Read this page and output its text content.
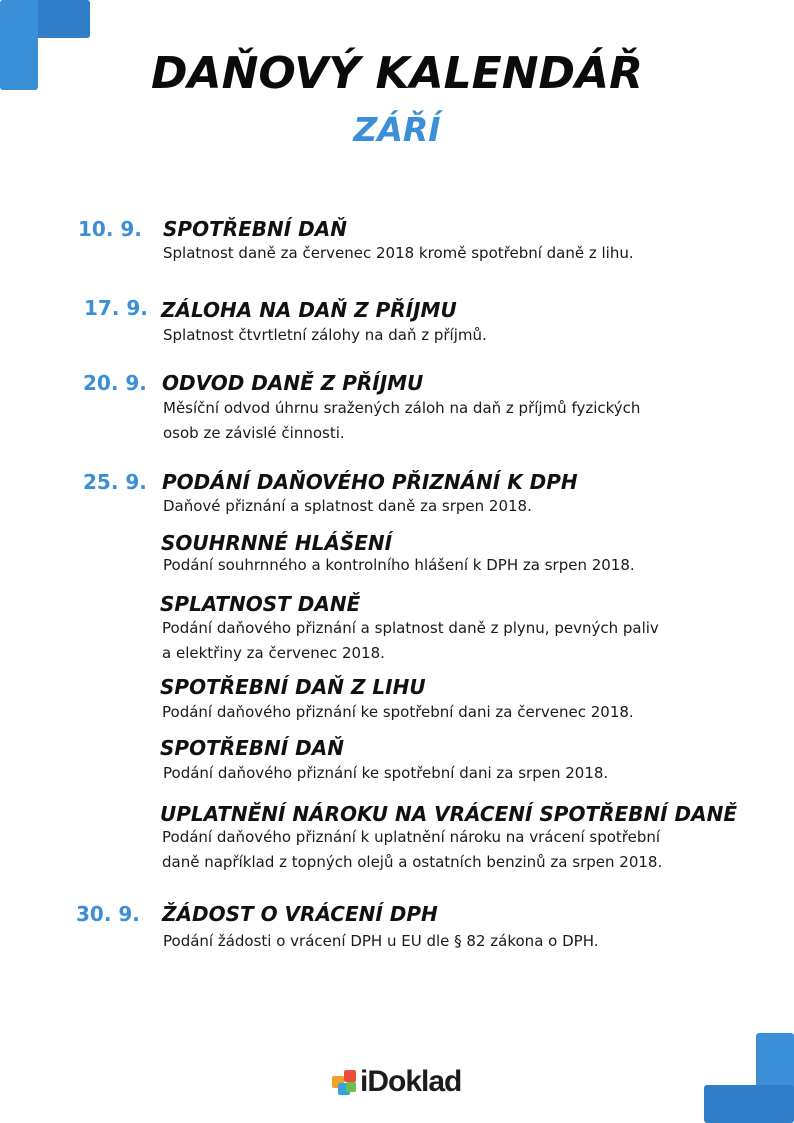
DAŇOVÝ KALENDÁŘ
ZÁŘÍ
10. 9. SPOTŘEBNÍ DAŇ
Splatnost daně za červenec 2018 kromě spotřební daně z lihu.
17. 9. ZÁLOHA NA DAŇ Z PŘÍJMU
Splatnost čtvrtletní zálohy na daň z příjmů.
20. 9. ODVOD DANĚ Z PŘÍJMU
Měsíční odvod úhrnu sražených záloh na daň z příjmů fyzických
osob ze závislé činnosti.
25. 9. PODÁNÍ DAŇOVÉHO PŘIZNÁNÍ K DPH
Daňové přiznání a splatnost daně za srpen 2018.
SOUHRNNÉ HLÁŠENÍ
Podání souhrnného a kontrolního hlášení k DPH za srpen 2018.
SPLATNOST DANĚ
Podání daňového přiznání a splatnost daně z plynu, pevných paliv
a elektřiny za červenec 2018.
SPOTŘEBNÍ DAŇ Z LIHU
Podání daňového přiznání ke spotřební dani za červenec 2018.
SPOTŘEBNÍ DAŇ
Podání daňového přiznání ke spotřební dani za srpen 2018.
UPLATNĚNÍ NÁROKU NA VRÁCENÍ SPOTŘEBNÍ DANĚ
Podání daňového přiznání k uplatnění nároku na vrácení spotřební
daně například z topných olejů a ostatních benzinů za srpen 2018.
30. 9. ŽÁDOST O VRÁCENÍ DPH
Podání žádosti o vrácení DPH u EU dle § 82 zákona o DPH.
iDoklad
